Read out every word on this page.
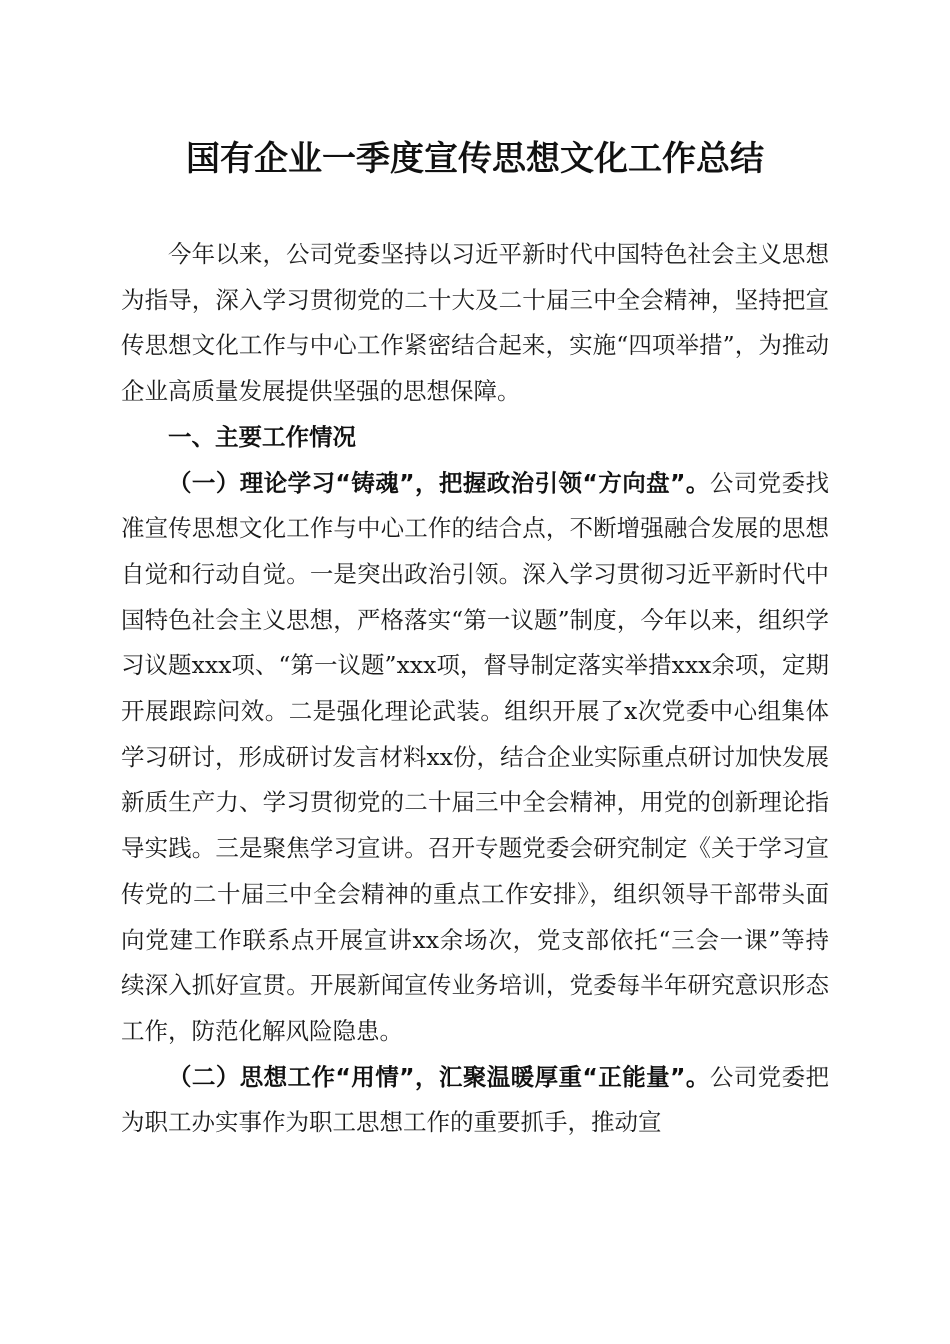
国有企业一季度宣传思想文化工作总结

今年以来，公司党委坚持以习近平新时代中国特色社会主义思想为指导，深入学习贯彻党的二十大及二十届三中全会精神，坚持把宣传思想文化工作与中心工作紧密结合起来，实施“四项举措”，为推动企业高质量发展提供坚强的思想保障。

一、主要工作情况

（一）理论学习“铸魂”，把握政治引领“方向盘”。公司党委找准宣传思想文化工作与中心工作的结合点，不断增强融合发展的思想自觉和行动自觉。一是突出政治引领。深入学习贯彻习近平新时代中国特色社会主义思想，严格落实“第一议题”制度，今年以来，组织学习议题xxx项、“第一议题”xxx项，督导制定落实举措xxx余项，定期开展跟踪问效。二是强化理论武装。组织开展了x次党委中心组集体学习研讨，形成研讨发言材料xx份，结合企业实际重点研讨加快发展新质生产力、学习贯彻党的二十届三中全会精神，用党的创新理论指导实践。三是聚焦学习宣讲。召开专题党委会研究制定《关于学习宣传党的二十届三中全会精神的重点工作安排》，组织领导干部带头面向党建工作联系点开展宣讲xx余场次，党支部依托“三会一课”等持续深入抓好宣贯。开展新闻宣传业务培训，党委每半年研究意识形态工作，防范化解风险隐患。

（二）思想工作“用情”，汇聚温暖厚重“正能量”。公司党委把为职工办实事作为职工思想工作的重要抓手，推动宣
